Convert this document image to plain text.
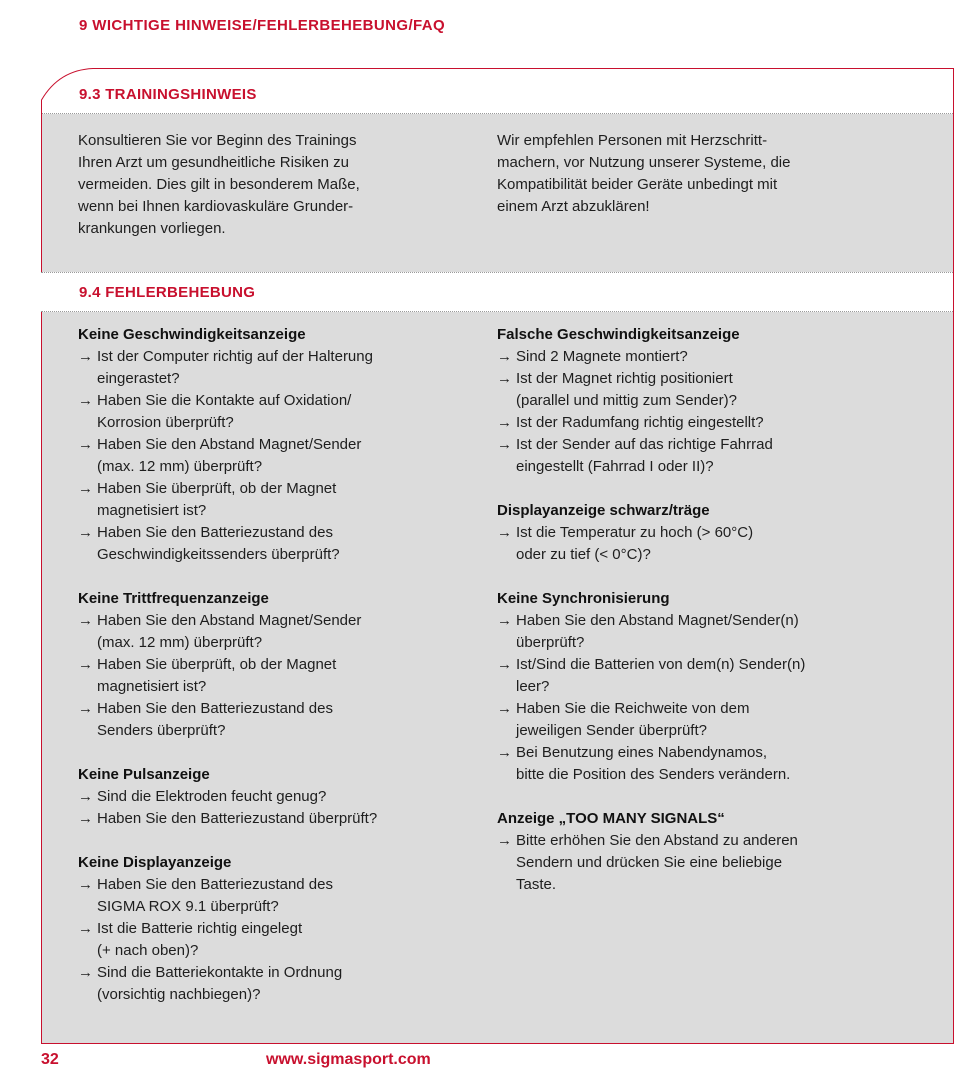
9 WICHTIGE HINWEISE/FEHLERBEHEBUNG/FAQ
9.3 TRAININGSHINWEIS
Konsultieren Sie vor Beginn des Trainings
Ihren Arzt um gesundheitliche Risiken zu
vermeiden. Dies gilt in besonderem Maße,
wenn bei Ihnen kardiovaskuläre Grunder-
krankungen vorliegen.
Wir empfehlen Personen mit Herzschritt-
machern, vor Nutzung unserer Systeme, die
Kompatibilität beider Geräte unbedingt mit
einem Arzt abzuklären!
9.4 FEHLERBEHEBUNG
Keine Geschwindigkeitsanzeige
→ Ist der Computer richtig auf der Halterung
eingerastet?
→ Haben Sie die Kontakte auf Oxidation/
Korrosion überprüft?
→ Haben Sie den Abstand Magnet/Sender
(max. 12 mm) überprüft?
→ Haben Sie überprüft, ob der Magnet
magnetisiert ist?
→ Haben Sie den Batteriezustand des
Geschwindigkeitssenders überprüft?
Keine Trittfrequenzanzeige
→ Haben Sie den Abstand Magnet/Sender
(max. 12 mm) überprüft?
→ Haben Sie überprüft, ob der Magnet
magnetisiert ist?
→ Haben Sie den Batteriezustand des
Senders überprüft?
Keine Pulsanzeige
→ Sind die Elektroden feucht genug?
→ Haben Sie den Batteriezustand überprüft?
Keine Displayanzeige
→ Haben Sie den Batteriezustand des
SIGMA ROX 9.1 überprüft?
→ Ist die Batterie richtig eingelegt
(+ nach oben)?
→ Sind die Batteriekontakte in Ordnung
(vorsichtig nachbiegen)?
Falsche Geschwindigkeitsanzeige
→ Sind 2 Magnete montiert?
→ Ist der Magnet richtig positioniert
(parallel und mittig zum Sender)?
→ Ist der Radumfang richtig eingestellt?
→ Ist der Sender auf das richtige Fahrrad
eingestellt (Fahrrad I oder II)?
Displayanzeige schwarz/träge
→ Ist die Temperatur zu hoch (> 60°C)
oder zu tief (< 0°C)?
Keine Synchronisierung
→ Haben Sie den Abstand Magnet/Sender(n)
überprüft?
→ Ist/Sind die Batterien von dem(n) Sender(n)
leer?
→ Haben Sie die Reichweite von dem
jeweiligen Sender überprüft?
→ Bei Benutzung eines Nabendynamos,
bitte die Position des Senders verändern.
Anzeige „TOO MANY SIGNALS“
→ Bitte erhöhen Sie den Abstand zu anderen
Sendern und drücken Sie eine beliebige
Taste.
32	www.sigmasport.com
